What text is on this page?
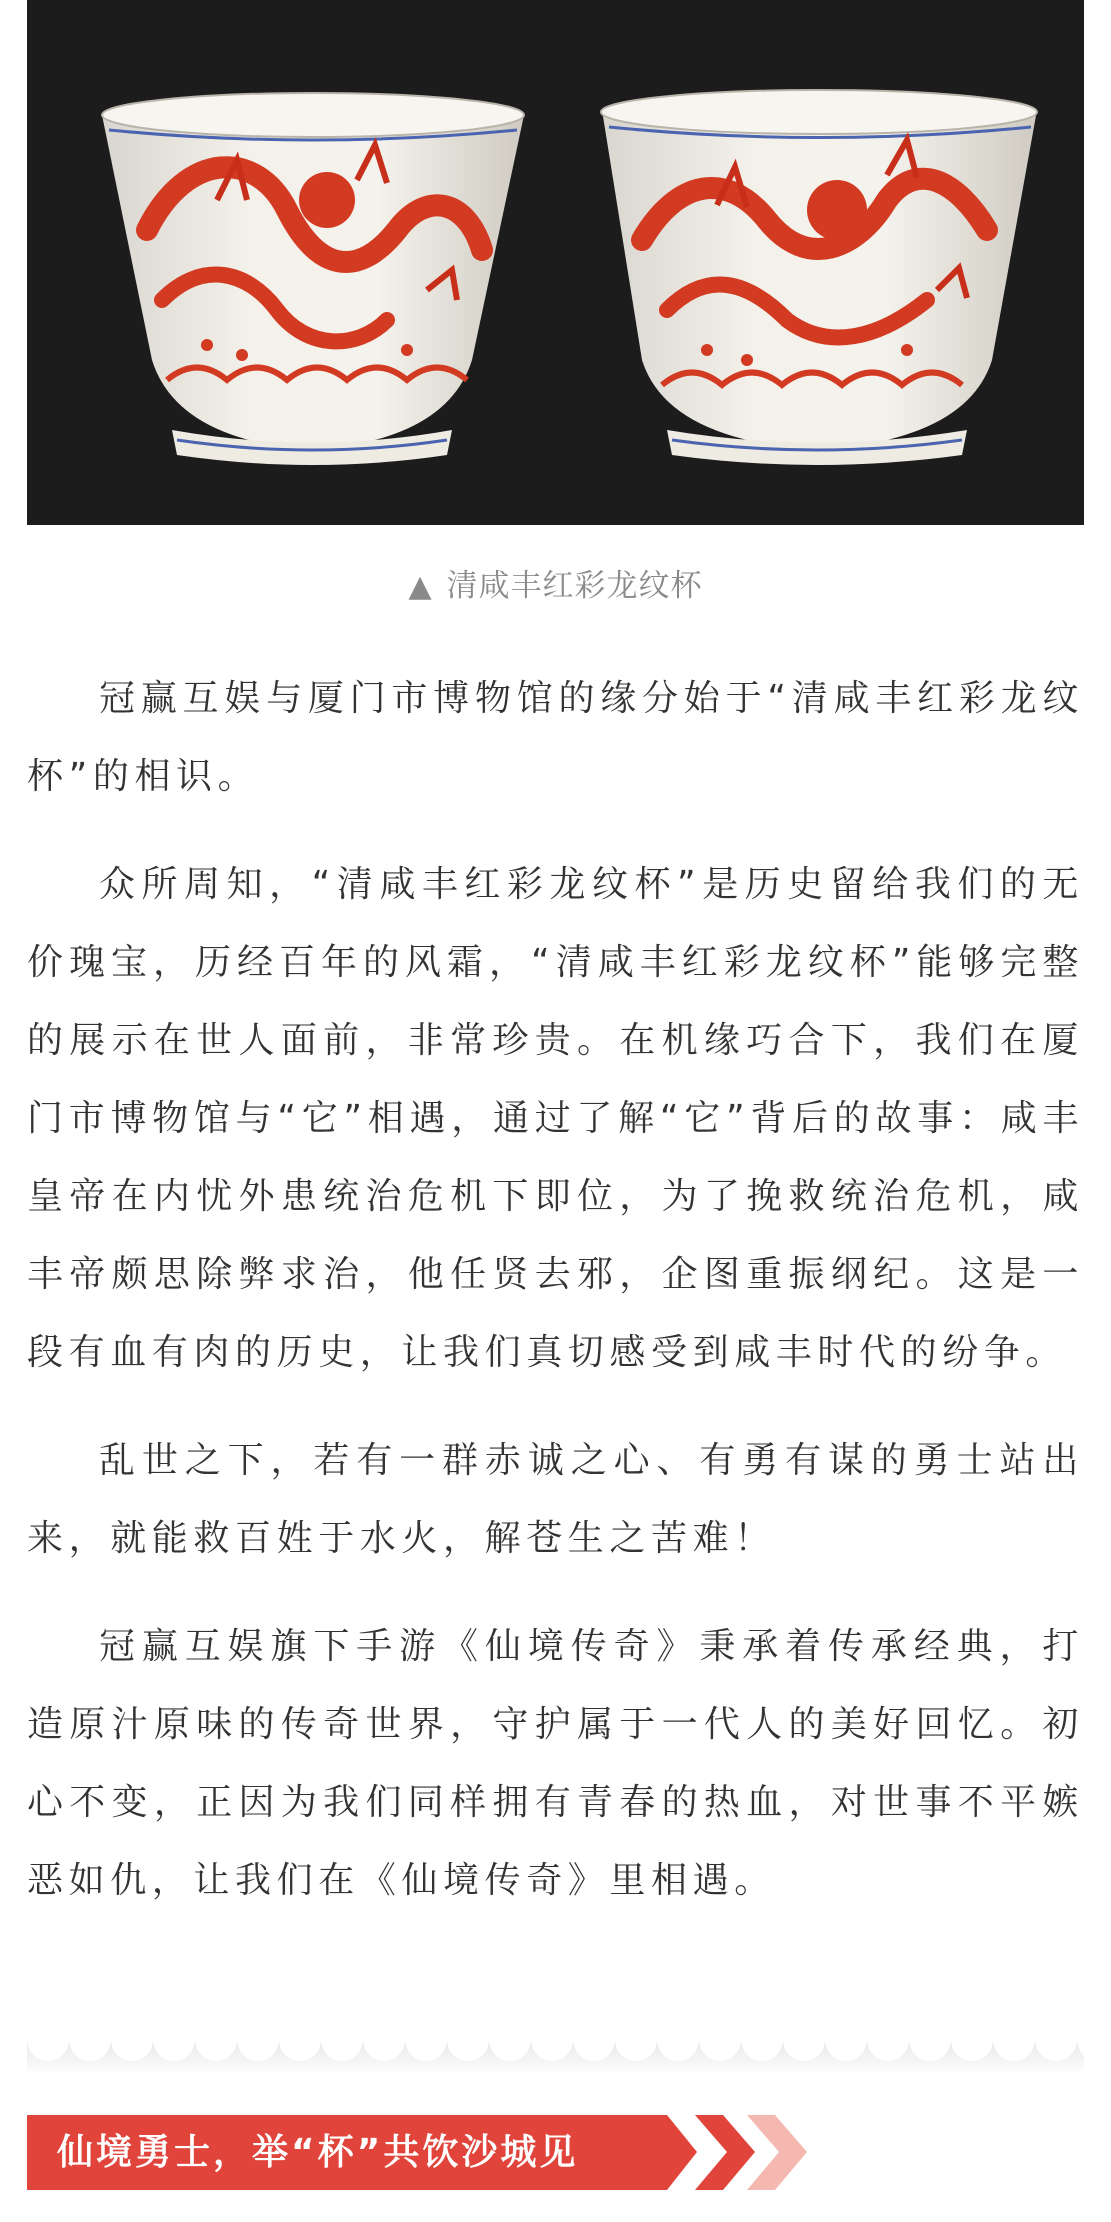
▲ 清咸丰红彩龙纹杯

冠赢互娱与厦门市博物馆的缘分始于“清咸丰红彩龙纹杯”的相识。

众所周知，“清咸丰红彩龙纹杯”是历史留给我们的无价瑰宝，历经百年的风霜，“清咸丰红彩龙纹杯”能够完整的展示在世人面前，非常珍贵。在机缘巧合下，我们在厦门市博物馆与“它”相遇，通过了解“它”背后的故事：咸丰皇帝在内忧外患统治危机下即位，为了挽救统治危机，咸丰帝颇思除弊求治，他任贤去邪，企图重振纲纪。这是一段有血有肉的历史，让我们真切感受到咸丰时代的纷争。

乱世之下，若有一群赤诚之心、有勇有谋的勇士站出来，就能救百姓于水火，解苍生之苦难！

冠赢互娱旗下手游《仙境传奇》秉承着传承经典，打造原汁原味的传奇世界，守护属于一代人的美好回忆。初心不变，正因为我们同样拥有青春的热血，对世事不平嫉恶如仇，让我们在《仙境传奇》里相遇。

仙境勇士，举“杯”共饮沙城见
